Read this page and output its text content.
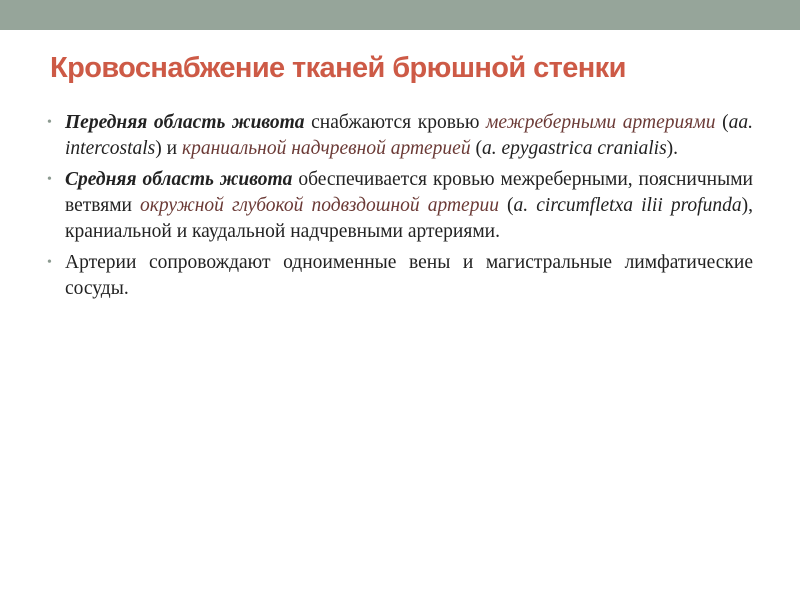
Кровоснабжение тканей брюшной стенки
• Передняя область живота снабжаются кровью межреберными артериями (аа. intercostals) и краниальной надчревной артерией (а. epygastrica cranialis).
• Средняя область живота обеспечивается кровью межреберными, поясничными ветвями окружной глубокой подвздошной артерии (а. circumfletxa ilii profunda), краниальной и каудальной надчревными артериями.
• Артерии сопровождают одноименные вены и магистральные лимфатические сосуды.
